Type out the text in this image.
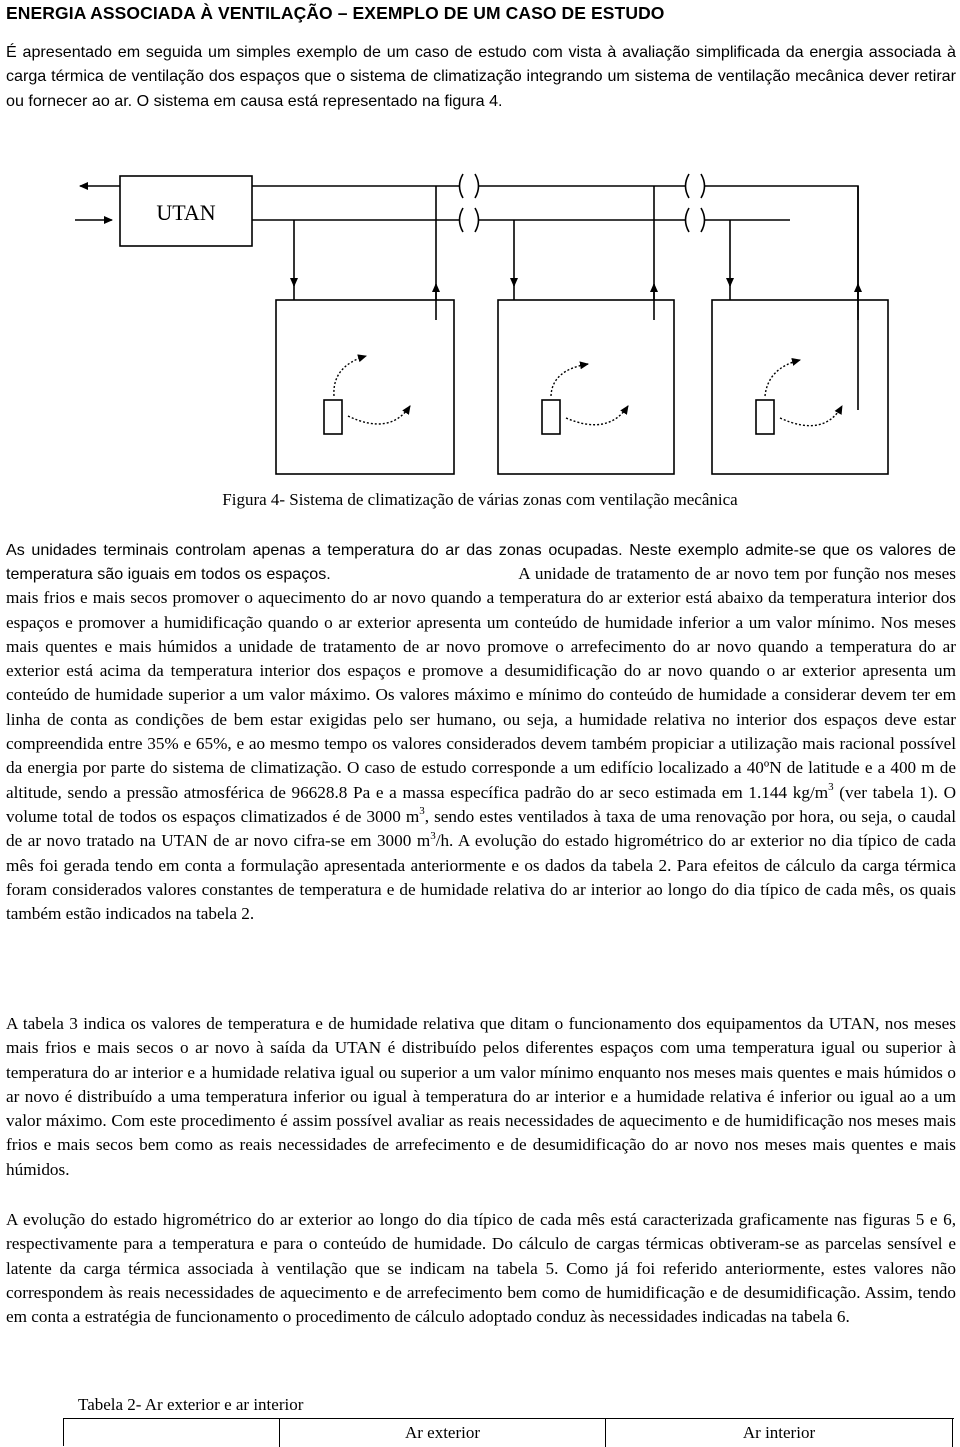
ENERGIA ASSOCIADA À VENTILAÇÃO – EXEMPLO DE UM CASO DE ESTUDO

É apresentado em seguida um simples exemplo de um caso de estudo com vista à avaliação simplificada da energia associada à carga térmica de ventilação dos espaços que o sistema de climatização integrando um sistema de ventilação mecânica dever retirar ou fornecer ao ar. O sistema em causa está representado na figura 4.

UTAN
Figura 4- Sistema de climatização de várias zonas com ventilação mecânica

As unidades terminais controlam apenas a temperatura do ar das zonas ocupadas. Neste exemplo admite-se que os valores de temperatura são iguais em todos os espaços.	A unidade de tratamento de ar novo tem por função nos meses mais frios e mais secos promover o aquecimento do ar novo quando a temperatura do ar exterior está abaixo da temperatura interior dos espaços e promover a humidificação quando o ar exterior apresenta um conteúdo de humidade inferior a um valor mínimo. Nos meses mais quentes e mais húmidos a unidade de tratamento de ar novo promove o arrefecimento do ar novo quando a temperatura do ar exterior está acima da temperatura interior dos espaços e promove a desumidificação do ar novo quando o ar exterior apresenta um conteúdo de humidade superior a um valor máximo. Os valores máximo e mínimo do conteúdo de humidade a considerar devem ter em linha de conta as condições de bem estar exigidas pelo ser humano, ou seja, a humidade relativa no interior dos espaços deve estar compreendida entre 35% e 65%, e ao mesmo tempo os valores considerados devem também propiciar a utilização mais racional possível da energia por parte do sistema de climatização. O caso de estudo corresponde a um edifício localizado a 40ºN de latitude e a 400 m de altitude, sendo a pressão atmosférica de 96628.8 Pa e a massa específica padrão do ar seco estimada em 1.144 $kg/m^3$ (ver tabela 1). O volume total de todos os espaços climatizados é de 3000 $m^3$, sendo estes ventilados à taxa de uma renovação por hora, ou seja, o caudal de ar novo tratado na UTAN de ar novo cifra-se em 3000 $m^3/h$. A evolução do estado higrométrico do ar exterior no dia típico de cada mês foi gerada tendo em conta a formulação apresentada anteriormente e os dados da tabela 2. Para efeitos de cálculo da carga térmica foram considerados valores constantes de temperatura e de humidade relativa do ar interior ao longo do dia típico de cada mês, os quais também estão indicados na tabela 2.

A tabela 3 indica os valores de temperatura e de humidade relativa que ditam o funcionamento dos equipamentos da UTAN, nos meses mais frios e mais secos o ar novo à saída da UTAN é distribuído pelos diferentes espaços com uma temperatura igual ou superior à temperatura do ar interior e a humidade relativa igual ou superior a um valor mínimo enquanto nos meses mais quentes e mais húmidos o ar novo é distribuído a uma temperatura inferior ou igual à temperatura do ar interior e a humidade relativa é inferior ou igual ao a um valor máximo. Com este procedimento é assim possível avaliar as reais necessidades de aquecimento e de humidificação nos meses mais frios e mais secos bem como as reais necessidades de arrefecimento e de desumidificação do ar novo nos meses mais quentes e mais húmidos.

A evolução do estado higrométrico do ar exterior ao longo do dia típico de cada mês está caracterizada graficamente nas figuras 5 e 6, respectivamente para a temperatura e para o conteúdo de humidade. Do cálculo de cargas térmicas obtiveram-se as parcelas sensível e latente da carga térmica associada à ventilação que se indicam na tabela 5. Como já foi referido anteriormente, estes valores não correspondem às reais necessidades de aquecimento e de arrefecimento bem como de humidificação e de desumidificação. Assim, tendo em conta a estratégia de funcionamento o procedimento de cálculo adoptado conduz às necessidades indicadas na tabela 6.

Tabela 2- Ar exterior e ar interior
Ar exterior	Ar interior
